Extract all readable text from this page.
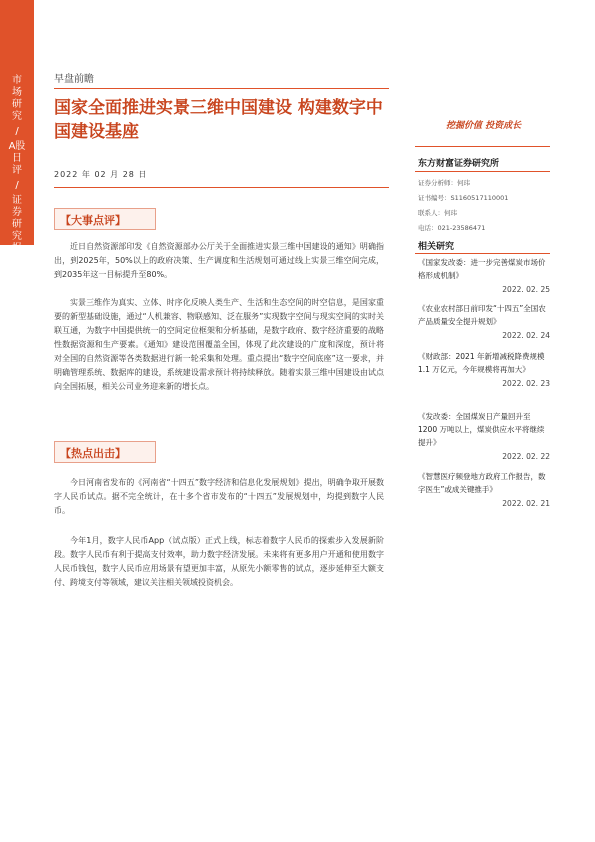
市场研究
/
A股日评
/
证券研究报告
早盘前瞻
国家全面推进实景三维中国建设 构建数字中国建设基座
2022 年 02 月 28 日
挖掘价值 投资成长
东方财富证券研究所
证券分析师：何玮
证书编号：S1160517110001
联系人：何玮
电话：021-23586471
相关研究
《国家发改委：进一步完善煤炭市场价格形成机制》
2022. 02. 25
《农业农村部日前印发“十四五”全国农产品质量安全提升规划》
2022. 02. 24
《财政部：2021 年新增减税降费规模 1.1 万亿元，今年规模将再加大》
2022. 02. 23
《发改委：全国煤炭日产量回升至 1200 万吨以上，煤炭供应水平将继续提升》
2022. 02. 22
《智慧医疗频登地方政府工作报告，数字医生”或成关键推手》
2022. 02. 21
【大事点评】

近日自然资源部印发《自然资源部办公厅关于全面推进实景三维中国建设的通知》明确指出，到2025年，50%以上的政府决策、生产调度和生活规划可通过线上实景三维空间完成，到2035年这一目标提升至80%。

实景三维作为真实、立体、时序化反映人类生产、生活和生态空间的时空信息，是国家重要的新型基础设施，通过“人机兼容、物联感知、泛在服务”实现数字空间与现实空间的实时关联互通，为数字中国提供统一的空间定位框架和分析基础，是数字政府、数字经济重要的战略性数据资源和生产要素。《通知》建设范围覆盖全国，体现了此次建设的广度和深度，预计将对全国的自然资源等各类数据进行新一轮采集和处理。重点提出“数字空间底座”这一要求，并明确管理系统、数据库的建设，系统建设需求预计将持续释放。随着实景三维中国建设由试点向全国拓展，相关公司业务迎来新的增长点。

【热点出击】

今日河南省发布的《河南省“十四五”数字经济和信息化发展规划》提出，明确争取开展数字人民币试点。据不完全统计，在十多个省市发布的“十四五”发展规划中，均提到数字人民币。

今年1月，数字人民币App（试点版）正式上线，标志着数字人民币的探索步入发展新阶段。数字人民币有利于提高支付效率，助力数字经济发展。未来将有更多用户开通和使用数字人民币钱包，数字人民币应用场景有望更加丰富，从原先小额零售的试点，逐步延伸至大额支付、跨境支付等领域，建议关注相关领域投资机会。
